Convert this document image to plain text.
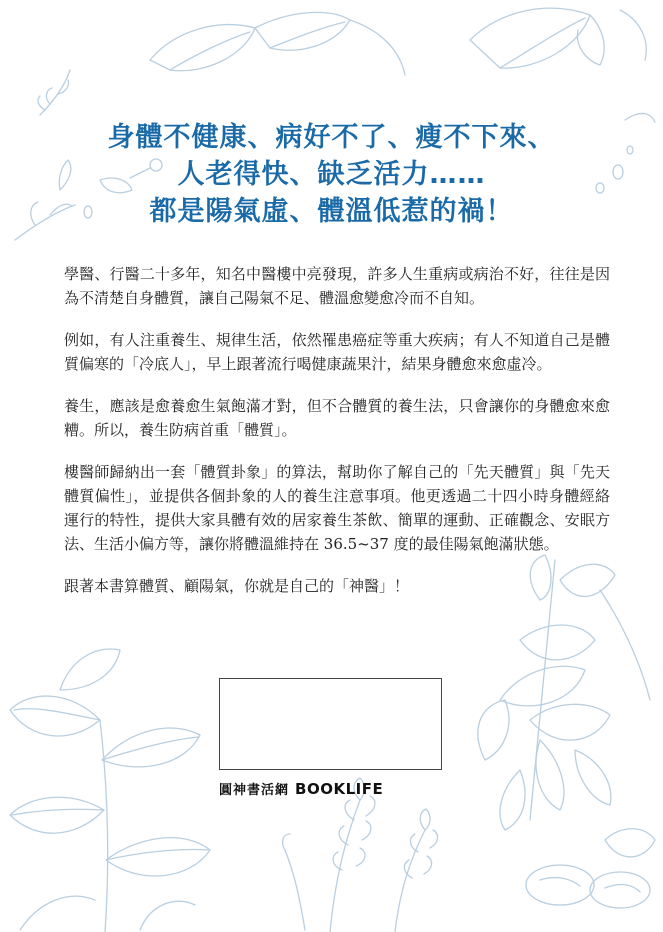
身體不健康、病好不了、瘦不下來、
人老得快、缺乏活力……
都是陽氣虛、體溫低惹的禍！

學醫、行醫二十多年，知名中醫樓中亮發現，許多人生重病或病治不好，往往是因為不清楚自身體質，讓自己陽氣不足、體溫愈變愈冷而不自知。

例如，有人注重養生、規律生活，依然罹患癌症等重大疾病；有人不知道自己是體質偏寒的「冷底人」，早上跟著流行喝健康蔬果汁，結果身體愈來愈虛冷。

養生，應該是愈養愈生氣飽滿才對，但不合體質的養生法，只會讓你的身體愈來愈糟。所以，養生防病首重「體質」。

樓醫師歸納出一套「體質卦象」的算法，幫助你了解自己的「先天體質」與「先天體質偏性」，並提供各個卦象的人的養生注意事項。他更透過二十四小時身體經絡運行的特性，提供大家具體有效的居家養生茶飲、簡單的運動、正確觀念、安眠方法、生活小偏方等，讓你將體溫維持在 36.5~37 度的最佳陽氣飽滿狀態。

跟著本書算體質、顧陽氣，你就是自己的「神醫」！

圓神書活網 BOOKLIFE
